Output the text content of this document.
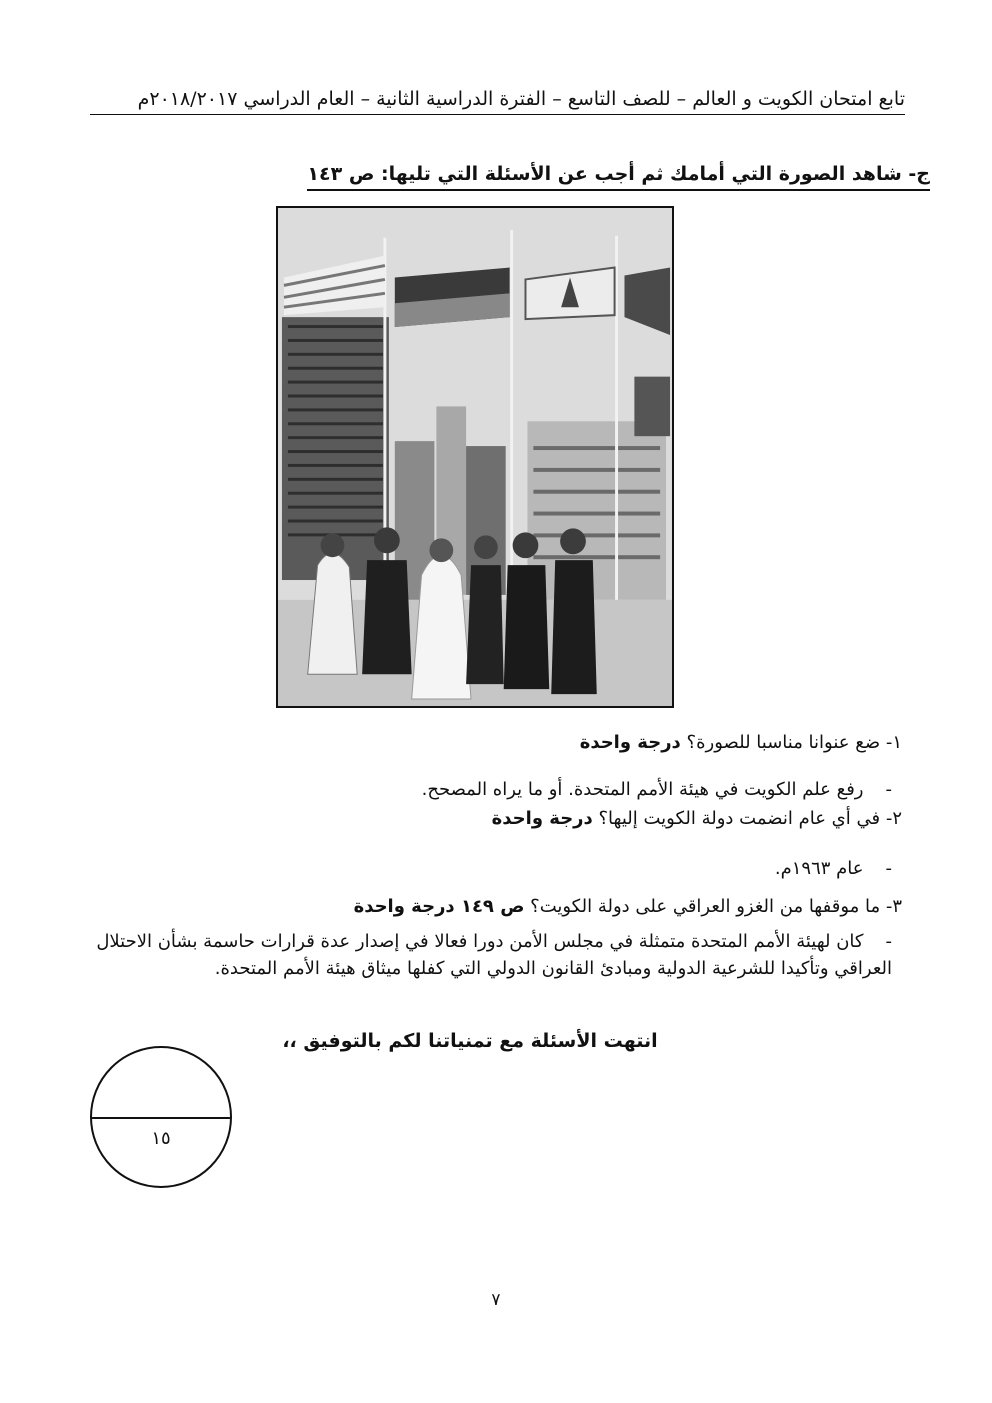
تابع امتحان الكويت و العالم – للصف التاسع – الفترة الدراسية الثانية – العام الدراسي ٢٠١٨/٢٠١٧م
ج- شاهد الصورة التي أمامك ثم أجب عن الأسئلة التي تليها: ص ١٤٣
١- ضع عنوانا مناسبا للصورة؟ درجة واحدة
-رفع علم الكويت في هيئة الأمم المتحدة. أو ما يراه المصحح.
٢- في أي عام انضمت دولة الكويت إليها؟ درجة واحدة
-عام ١٩٦٣م.
٣- ما موقفها من الغزو العراقي على دولة الكويت؟ ص ١٤٩ درجة واحدة
-كان لهيئة الأمم المتحدة متمثلة في مجلس الأمن دورا فعالا في إصدار عدة قرارات حاسمة بشأن الاحتلال العراقي وتأكيدا للشرعية الدولية ومبادئ القانون الدولي التي كفلها ميثاق هيئة الأمم المتحدة.
انتهت الأسئلة مع تمنياتنا لكم بالتوفيق ،،
١٥
٧
